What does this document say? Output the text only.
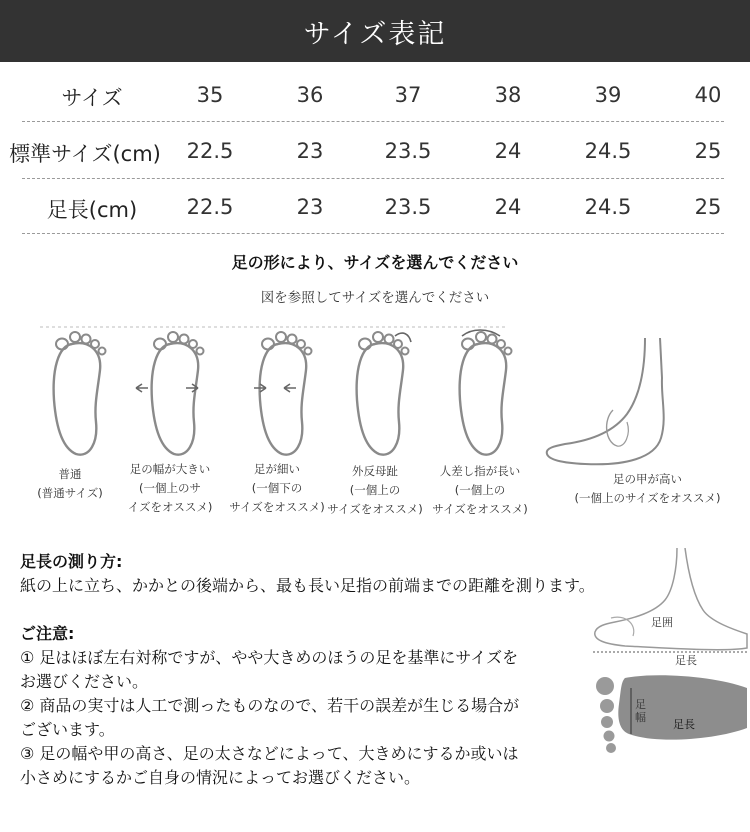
サイズ表記
サイズ	35	36	37	38	39	40
標準サイズ(cm)	22.5	23	23.5	24	24.5	25
足長(cm)	22.5	23	23.5	24	24.5	25
足の形により、サイズを選んでください
図を参照してサイズを選んでください
普通
(普通サイズ)
足の幅が大きい
(一個上のサ
イズをオススメ)
足が細い
(一個下の
サイズをオススメ)
外反母趾
(一個上の
サイズをオススメ)
人差し指が長い
(一個上の
サイズをオススメ)
足の甲が高い
(一個上のサイズをオススメ)
足長の測り方:
紙の上に立ち、かかとの後端から、最も長い足指の前端までの距離を測ります。
ご注意:
① 足はほぼ左右対称ですが、やや大きめのほうの足を基準にサイズを
お選びください。
② 商品の実寸は人工で測ったものなので、若干の誤差が生じる場合が
ございます。
③ 足の幅や甲の高さ、足の太さなどによって、大きめにするか或いは
小さめにするかご自身の情況によってお選びください。
足囲
足長
足幅
足長
